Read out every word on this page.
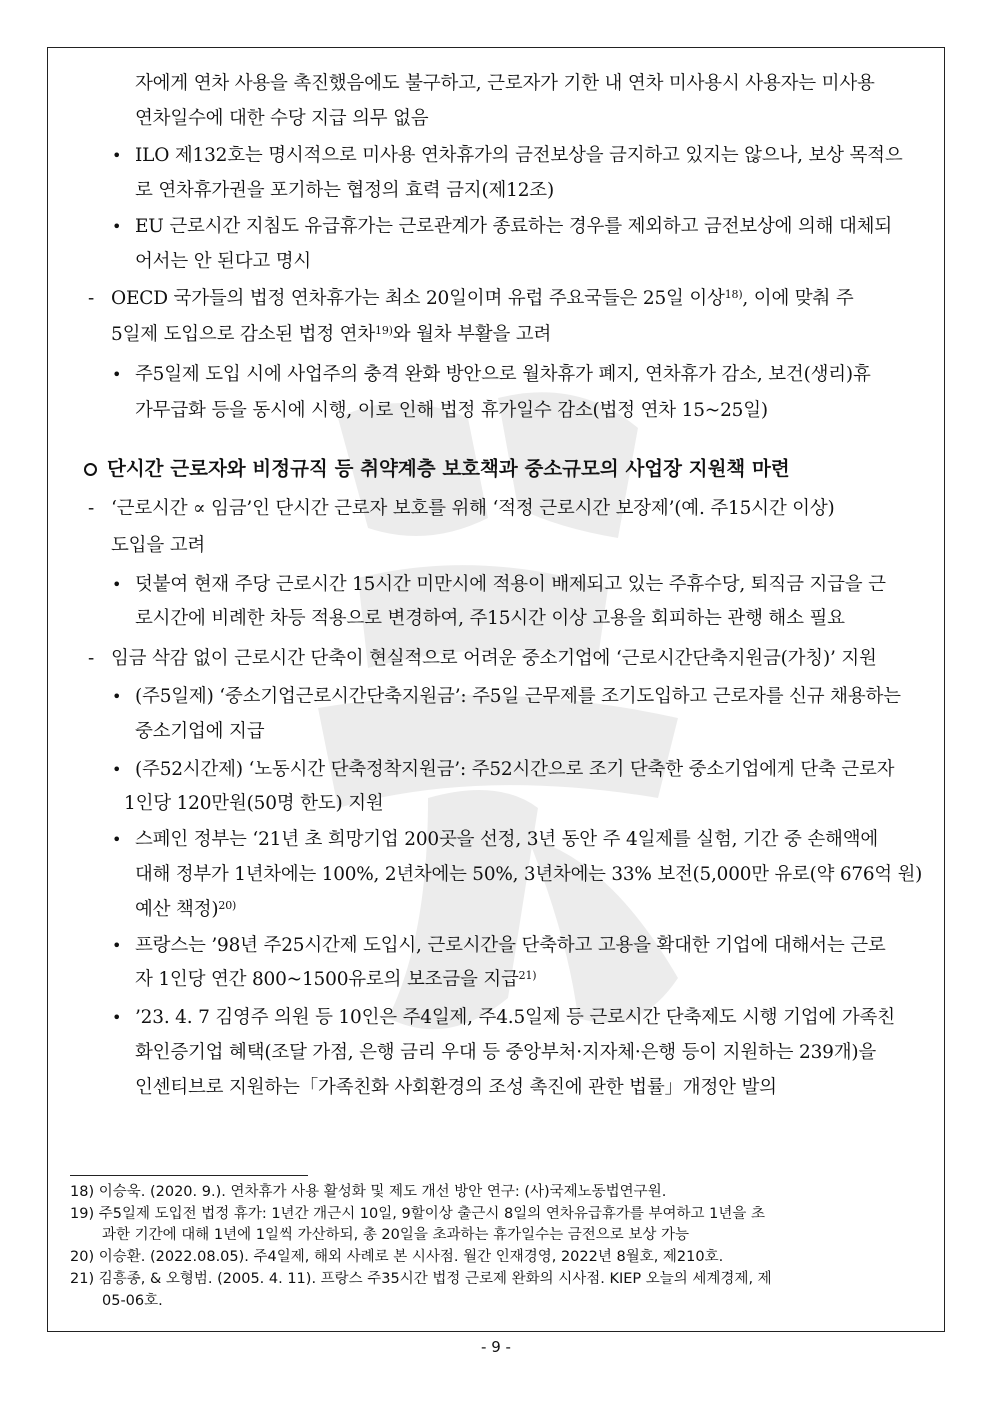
자에게 연차 사용을 촉진했음에도 불구하고, 근로자가 기한 내 연차 미사용시 사용자는 미사용
연차일수에 대한 수당 지급 의무 없음
• ILO 제132호는 명시적으로 미사용 연차휴가의 금전보상을 금지하고 있지는 않으나, 보상 목적으
로 연차휴가권을 포기하는 협정의 효력 금지(제12조)
• EU 근로시간 지침도 유급휴가는 근로관계가 종료하는 경우를 제외하고 금전보상에 의해 대체되
어서는 안 된다고 명시
- OECD 국가들의 법정 연차휴가는 최소 20일이며 유럽 주요국들은 25일 이상$^{18)}$, 이에 맞춰 주
5일제 도입으로 감소된 법정 연차$^{19)}$와 월차 부활을 고려
• 주5일제 도입 시에 사업주의 충격 완화 방안으로 월차휴가 폐지, 연차휴가 감소, 보건(생리)휴
가무급화 등을 동시에 시행, 이로 인해 법정 휴가일수 감소(법정 연차 15~25일)
단시간 근로자와 비정규직 등 취약계층 보호책과 중소규모의 사업장 지원책 마련
- ‘근로시간 ∝ 임금’인 단시간 근로자 보호를 위해 ‘적정 근로시간 보장제’(예. 주15시간 이상)
도입을 고려
• 덧붙여 현재 주당 근로시간 15시간 미만시에 적용이 배제되고 있는 주휴수당, 퇴직금 지급을 근
로시간에 비례한 차등 적용으로 변경하여, 주15시간 이상 고용을 회피하는 관행 해소 필요
- 임금 삭감 없이 근로시간 단축이 현실적으로 어려운 중소기업에 ‘근로시간단축지원금(가칭)’ 지원
• (주5일제) ‘중소기업근로시간단축지원금’: 주5일 근무제를 조기도입하고 근로자를 신규 채용하는
중소기업에 지급
• (주52시간제) ‘노동시간 단축정착지원금’: 주52시간으로 조기 단축한 중소기업에게 단축 근로자
1인당 120만원(50명 한도) 지원
• 스페인 정부는 ‘21년 초 희망기업 200곳을 선정, 3년 동안 주 4일제를 실험, 기간 중 손해액에
대해 정부가 1년차에는 100%, 2년차에는 50%, 3년차에는 33% 보전(5,000만 유로(약 676억 원)
예산 책정)$^{20)}$
• 프랑스는 ’98년 주25시간제 도입시, 근로시간을 단축하고 고용을 확대한 기업에 대해서는 근로
자 1인당 연간 800~1500유로의 보조금을 지급$^{21)}$
• ’23. 4. 7 김영주 의원 등 10인은 주4일제, 주4.5일제 등 근로시간 단축제도 시행 기업에 가족친
화인증기업 혜택(조달 가점, 은행 금리 우대 등 중앙부처·지자체·은행 등이 지원하는 239개)을
인센티브로 지원하는「가족친화 사회환경의 조성 촉진에 관한 법률」개정안 발의
18) 이승욱. (2020. 9.). 연차휴가 사용 활성화 및 제도 개선 방안 연구: (사)국제노동법연구원.
19) 주5일제 도입전 법정 휴가: 1년간 개근시 10일, 9할이상 출근시 8일의 연차유급휴가를 부여하고 1년을 초
과한 기간에 대해 1년에 1일씩 가산하되, 총 20일을 초과하는 휴가일수는 금전으로 보상 가능
20) 이승환. (2022.08.05). 주4일제, 해외 사례로 본 시사점. 월간 인재경영, 2022년 8월호, 제210호.
21) 김흥종, & 오형범. (2005. 4. 11). 프랑스 주35시간 법정 근로제 완화의 시사점. KIEP 오늘의 세계경제, 제
05-06호.
- 9 -
